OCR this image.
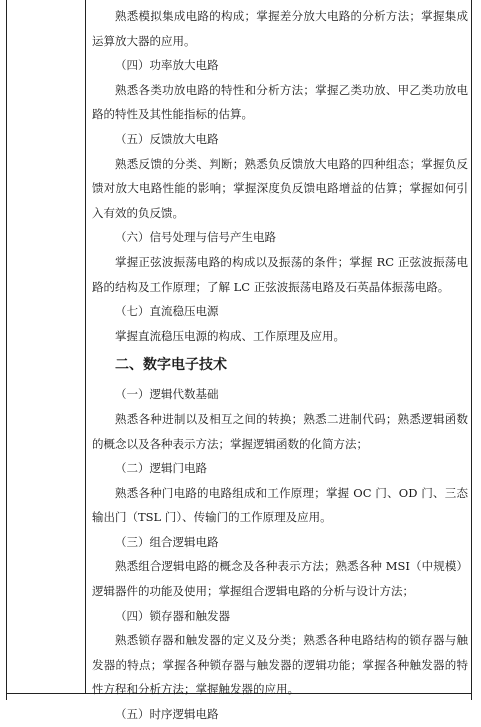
熟悉模拟集成电路的构成；掌握差分放大电路的分析方法；掌握集成运算放大器的应用。

（四）功率放大电路

熟悉各类功放电路的特性和分析方法；掌握乙类功放、甲乙类功放电路的特性及其性能指标的估算。

（五）反馈放大电路

熟悉反馈的分类、判断；熟悉负反馈放大电路的四种组态；掌握负反馈对放大电路性能的影响；掌握深度负反馈电路增益的估算；掌握如何引入有效的负反馈。

（六）信号处理与信号产生电路

掌握正弦波振荡电路的构成以及振荡的条件；掌握 RC 正弦波振荡电路的结构及工作原理；了解 LC 正弦波振荡电路及石英晶体振荡电路。

（七）直流稳压电源

掌握直流稳压电源的构成、工作原理及应用。

二、数字电子技术

（一）逻辑代数基础

熟悉各种进制以及相互之间的转换；熟悉二进制代码；熟悉逻辑函数的概念以及各种表示方法；掌握逻辑函数的化简方法；

（二）逻辑门电路

熟悉各种门电路的电路组成和工作原理；掌握 OC 门、OD 门、三态输出门（TSL 门）、传输门的工作原理及应用。

（三）组合逻辑电路

熟悉组合逻辑电路的概念及各种表示方法；熟悉各种 MSI（中规模）逻辑器件的功能及使用；掌握组合逻辑电路的分析与设计方法；

（四）锁存器和触发器

熟悉锁存器和触发器的定义及分类；熟悉各种电路结构的锁存器与触发器的特点；掌握各种锁存器与触发器的逻辑功能；掌握各种触发器的特性方程和分析方法；掌握触发器的应用。

（五）时序逻辑电路
